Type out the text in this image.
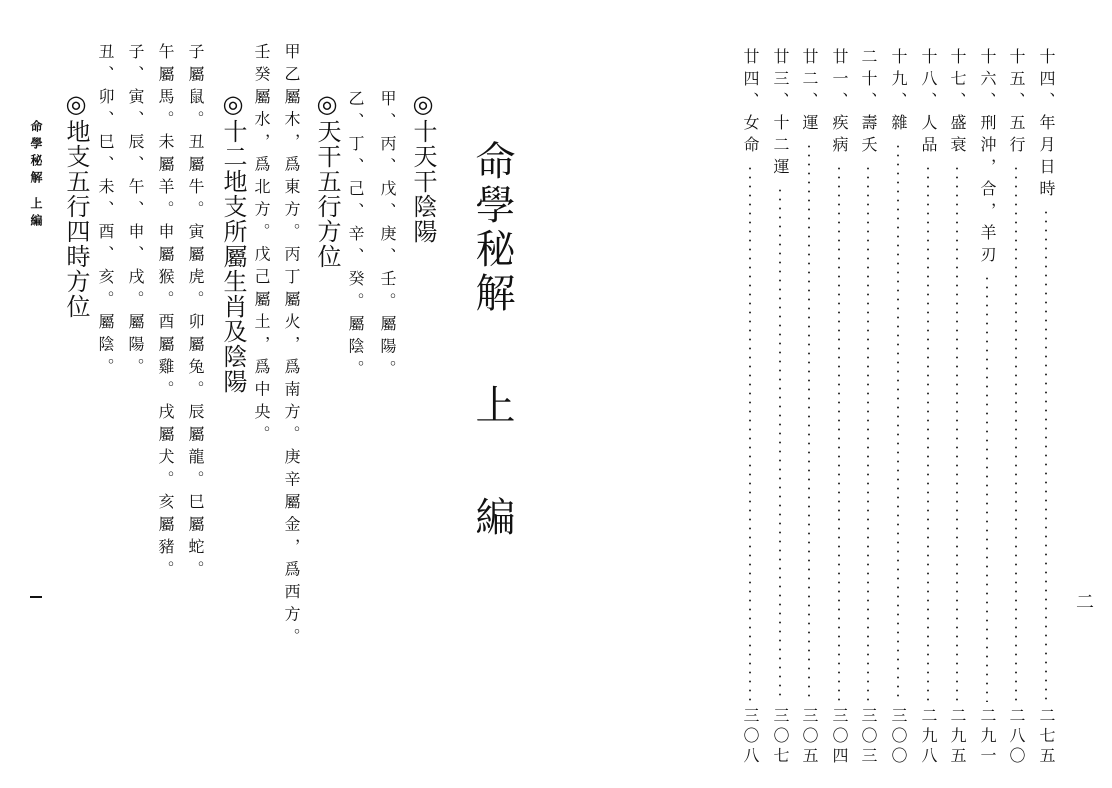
命學秘解 上編	命學秘解上編
◎十天干陰陽
甲、丙、戊、庚、壬。屬陽。
乙、丁、己、辛、癸。屬陰。
◎天干五行方位
甲乙屬木，爲東方。丙丁屬火，爲南方。庚辛屬金，爲西方。
壬癸屬水，爲北方。戊己屬土，爲中央。
◎十二地支所屬生肖及陰陽
子屬鼠。丑屬牛。寅屬虎。卯屬兔。辰屬龍。巳屬蛇。
午屬馬。未屬羊。申屬猴。酉屬雞。戌屬犬。亥屬豬。
子、寅、辰、午、申、戌。屬陽。
丑、卯、巳、未、酉、亥。屬陰。
◎地支五行四時方位	十四、年月日時
二七五
十五、五行
二八〇
十六、刑沖，合，羊刃
二九一
十七、盛衰
二九五
十八、人品
二九八
十九、雜
三〇〇
二十、壽夭
三〇三
廿一、疾病
三〇四
廿二、運
三〇五
廿三、十二運
三〇七
廿四、女命
三〇八
二
